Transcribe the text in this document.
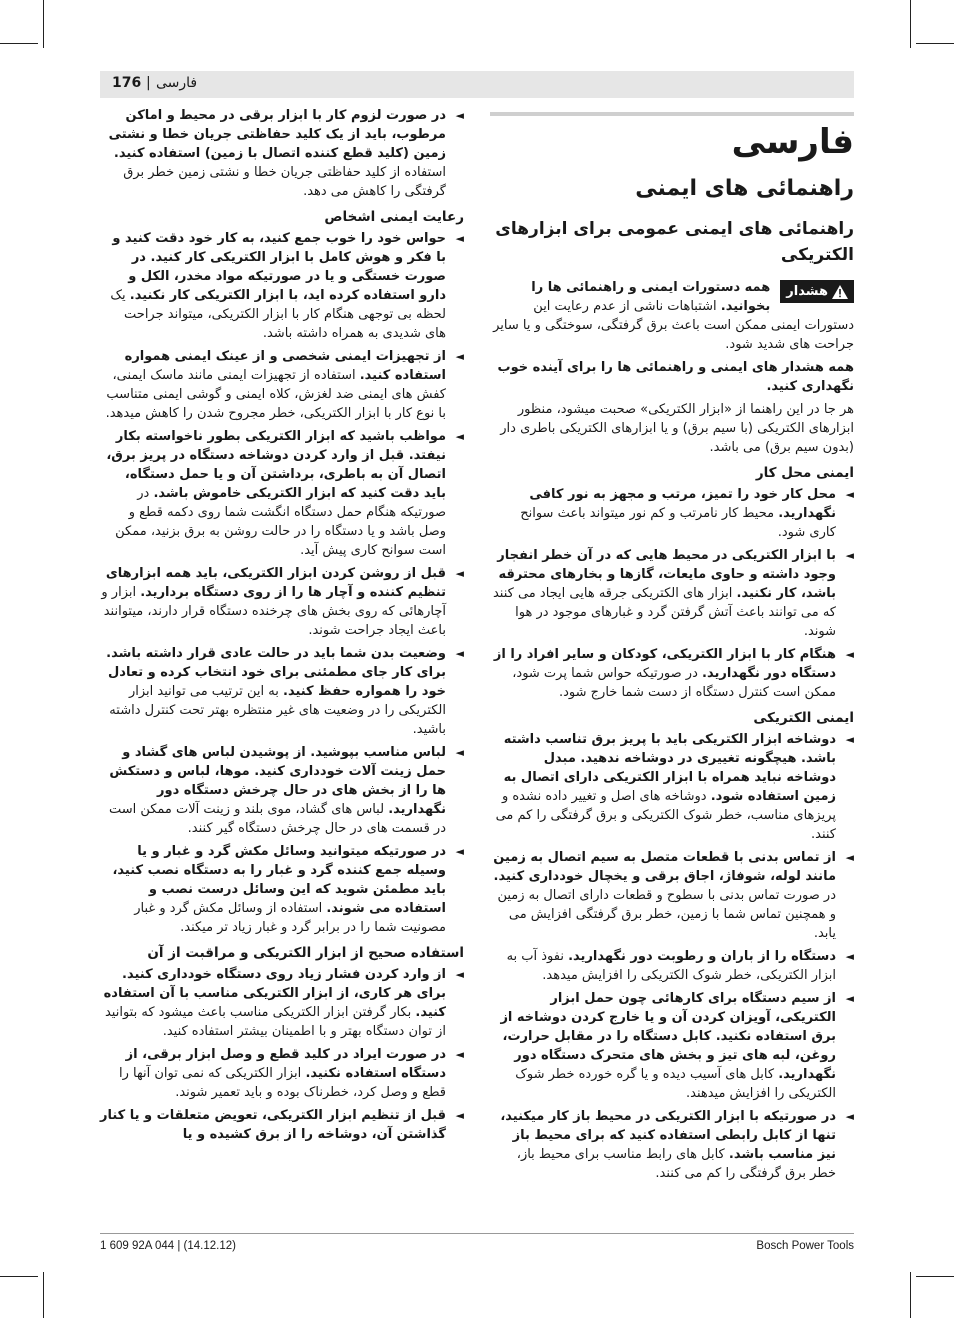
176 | فارسی
فارسی
راهنمائی های ایمنی
راهنمائی های ایمنی عمومی برای ابزارهای الکتریکی

هشدار
همه دستورات ایمنی و راهنمائی ها را بخوانید. اشتباهات ناشی از عدم رعایت این دستورات ایمنی ممکن است باعث برق گرفتگی، سوختگی و یا سایر جراحت های شدید شود.

همه هشدار های ایمنی و راهنمائی ها را برای آینده خوب نگهداری کنید.

هر جا در این راهنما از «ابزار الکتریکی» صحبت میشود، منظور ابزارهای الکتریکی (با سیم برق) و یا ابزارهای الکتریکی باطری دار (بدون سیم برق) می باشد.

ایمنی محل کار
◄
محل کار خود را تمیز، مرتب و مجهز به نور کافی نگهدارید. محیط کار نامرتب و کم نور میتواند باعث سوانح کاری شود.
◄
با ابزار الکتریکی در محیط هایی که در آن خطر انفجار وجود داشته و حاوی مایعات، گازها و بخارهای محترقه باشد، کار نکنید. ابزار های الکتریکی جرقه هایی ایجاد می کنند که می توانند باعث آتش گرفتن گرد و غبارهای موجود در هوا شوند.
◄
هنگام کار با ابزار الکتریکی، کودکان و سایر افراد را از دستگاه دور نگهدارید. در صورتیکه حواس شما پرت شود، ممکن است کنترل دستگاه از دست شما خارج شود.
ایمنی الکتریکی
◄
دوشاخه ابزار الکتریکی باید با پریز برق تناسب داشته باشد. هیچگونه تغییری در دوشاخه ندهید. مبدل دوشاخه نباید همراه با ابزار الکتریکی دارای اتصال به زمین استفاده شود. دوشاخه های اصل و تغییر داده نشده و پریزهای مناسب، خطر شوک الکتریکی و برق گرفتگی را کم می کنند.
◄
از تماس بدنی با قطعات متصل به سیم اتصال به زمین مانند لوله، شوفاژ، اجاق برقی و یخچال خودداری کنید. در صورت تماس بدنی با سطوح و قطعات دارای اتصال به زمین و همچنین تماس شما با زمین، خطر برق گرفتگی افزایش می یابد.
◄
دستگاه را از باران و رطوبت دور نگهدارید. نفوذ آب به ابزار الکتریکی، خطر شوک الکتریکی را افزایش میدهد.
◄
از سیم دستگاه برای کارهائی چون حمل ابزار الکتریکی، آویزان کردن آن و یا خارج کردن دوشاخه از برق استفاده نکنید. کابل دستگاه را در مقابل حرارت، روغن، لبه های تیز و بخش های متحرک دستگاه دور نگهدارید. کابل های آسیب دیده و یا گره خورده خطر شوک الکتریکی را افزایش میدهند.
◄
در صورتیکه با ابزار الکتریکی در محیط باز کار میکنید، تنها از کابل رابطی استفاده کنید که برای محیط باز نیز مناسب باشد. کابل های رابط مناسب برای محیط باز، خطر برق گرفتگی را کم می کنند.
◄
در صورت لزوم کار با ابزار برقی در محیط و اماکن مرطوب، باید از یک کلید حفاظتی جریان خطا و نشتی زمین (کلید قطع کننده اتصال با زمین) استفاده کنید. استفاده از کلید حفاظتی جریان خطا و نشتی زمین خطر برق گرفتگی را کاهش می دهد.
رعایت ایمنی اشخاص
◄
حواس خود را خوب جمع کنید، به کار خود دقت کنید و با فکر و هوش کامل با ابزار الکتریکی کار کنید. در صورت خستگی و یا در صورتیکه مواد مخدر، الکل و دارو استفاده کرده اید، با ابزار الکتریکی کار نکنید. یک لحظه بی توجهی هنگام کار با ابزار الکتریکی، میتواند جراحت های شدیدی به همراه داشته باشد.
◄
از تجهیزات ایمنی شخصی و از عینک ایمنی همواره استفاده کنید. استفاده از تجهیزات ایمنی مانند ماسک ایمنی، کفش های ایمنی ضد لغزش، کلاه ایمنی و گوشی ایمنی متناسب با نوع کار با ابزار الکتریکی، خطر مجروح شدن را کاهش میدهد.
◄
مواظب باشید که ابزار الکتریکی بطور ناخواسته بکار نیفتد. قبل از وارد کردن دوشاخه دستگاه در پریز برق، اتصال آن به باطری، برداشتن آن و یا حمل دستگاه، باید دقت کنید که ابزار الکتریکی خاموش باشد. در صورتیکه هنگام حمل دستگاه انگشت شما روی دکمه قطع و وصل باشد و یا دستگاه را در حالت روشن به برق بزنید، ممکن است سوانح کاری پیش آید.
◄
قبل از روشن کردن ابزار الکتریکی، باید همه ابزارهای تنظیم کننده و آچار ها را از روی دستگاه بردارید. ابزار و آچارهائی که روی بخش های چرخنده دستگاه قرار دارند، میتوانند باعث ایجاد جراحت شوند.
◄
وضعیت بدن شما باید در حالت عادی قرار داشته باشد. برای کار جای مطمئنی برای خود انتخاب کرده و تعادل خود را همواره حفظ کنید. به این ترتیب می توانید ابزار الکتریکی را در وضعیت های غیر منتظره بهتر تحت کنترل داشته باشید.
◄
لباس مناسب بپوشید. از پوشیدن لباس های گشاد و حمل زینت آلات خودداری کنید. موها، لباس و دستکش ها را از بخش های در حال چرخش دستگاه دور نگهدارید. لباس های گشاد، موی بلند و زینت آلات ممکن است در قسمت های در حال چرخش دستگاه گیر کنند.
◄
در صورتیکه میتوانید وسائل مکش گرد و غبار و یا وسیله جمع کننده گرد و غبار را به دستگاه نصب کنید، باید مطمئن شوید که این وسائل درست نصب و استفاده می شوند. استفاده از وسائل مکش گرد و غبار مصونیت شما را در برابر گرد و غبار زیاد تر میکند.
استفاده صحیح از ابزار الکتریکی و مراقبت از آن
◄
از وارد کردن فشار زیاد روی دستگاه خودداری کنید. برای هر کاری، از ابزار الکتریکی مناسب با آن استفاده کنید. بکار گرفتن ابزار الکتریکی مناسب باعث میشود که بتوانید از توان دستگاه بهتر و با اطمینان بیشتر استفاده کنید.
◄
در صورت ایراد در کلید قطع و وصل ابزار برقی، از دستگاه استفاده نکنید. ابزار الکتریکی که نمی توان آنها را قطع و وصل کرد، خطرناک بوده و باید تعمیر شوند.
◄
قبل از تنظیم ابزار الکتریکی، تعویض متعلقات و یا کنار گذاشتن آن، دوشاخه را از برق کشیده و یا
1 609 92A 044 | (14.12.12)	Bosch Power Tools
